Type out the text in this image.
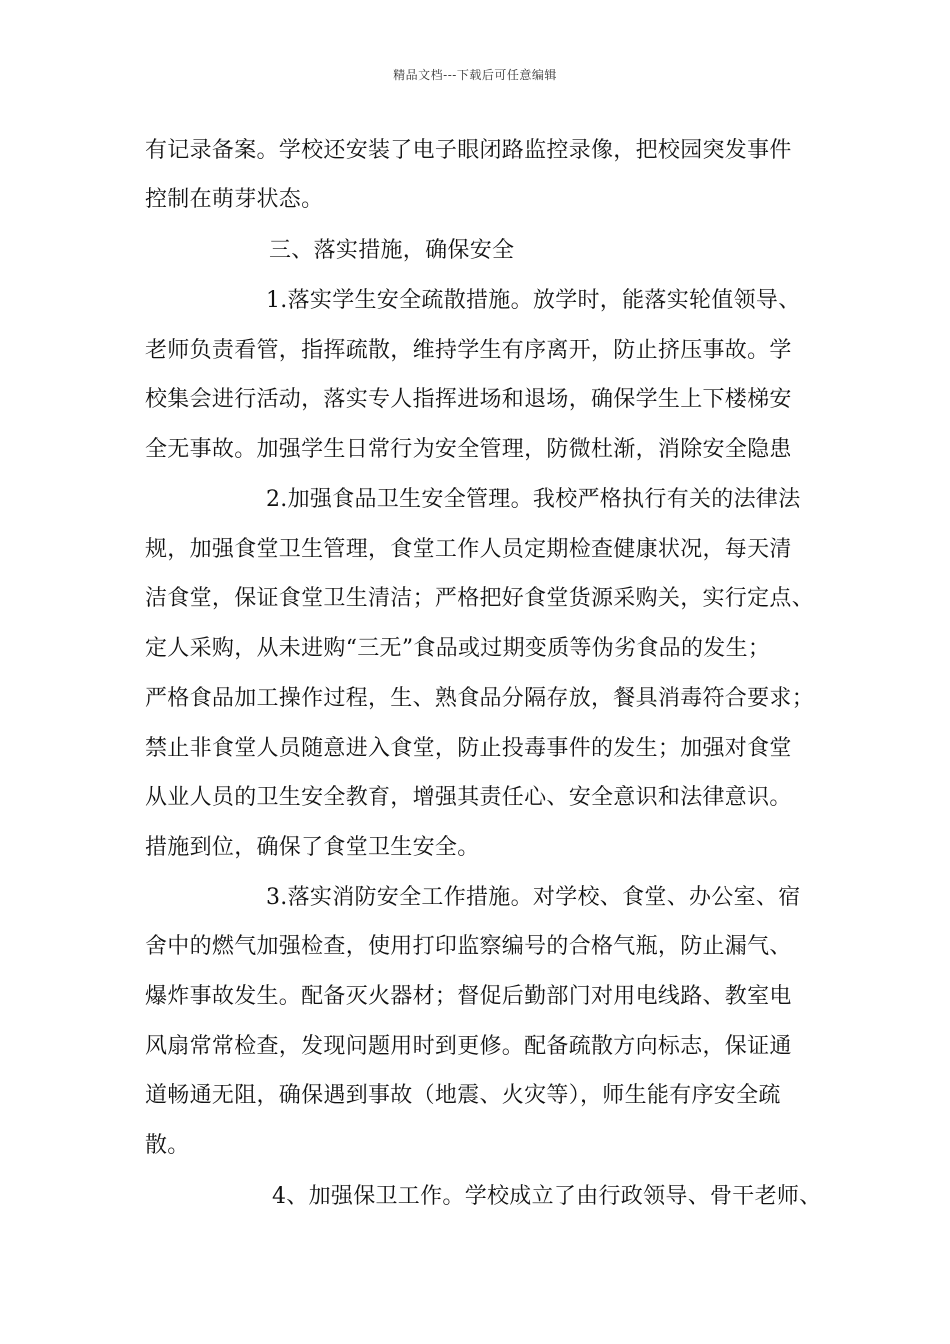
精品文档---下载后可任意编辑
有记录备案。学校还安装了电子眼闭路监控录像，把校园突发事件
控制在萌芽状态。
三、落实措施，确保安全
1.落实学生安全疏散措施。放学时，能落实轮值领导、
老师负责看管，指挥疏散，维持学生有序离开，防止挤压事故。学
校集会进行活动，落实专人指挥进场和退场，确保学生上下楼梯安
全无事故。加强学生日常行为安全管理，防微杜渐，消除安全隐患
2.加强食品卫生安全管理。我校严格执行有关的法律法
规，加强食堂卫生管理，食堂工作人员定期检查健康状况，每天清
洁食堂，保证食堂卫生清洁；严格把好食堂货源采购关，实行定点、
定人采购，从未进购“三无”食品或过期变质等伪劣食品的发生；
严格食品加工操作过程，生、熟食品分隔存放，餐具消毒符合要求；
禁止非食堂人员随意进入食堂，防止投毒事件的发生；加强对食堂
从业人员的卫生安全教育，增强其责任心、安全意识和法律意识。
措施到位，确保了食堂卫生安全。
3.落实消防安全工作措施。对学校、食堂、办公室、宿
舍中的燃气加强检查，使用打印监察编号的合格气瓶，防止漏气、
爆炸事故发生。配备灭火器材；督促后勤部门对用电线路、教室电
风扇常常检查，发现问题用时到更修。配备疏散方向标志，保证通
道畅通无阻，确保遇到事故（地震、火灾等），师生能有序安全疏
散。
4、加强保卫工作。学校成立了由行政领导、骨干老师、
